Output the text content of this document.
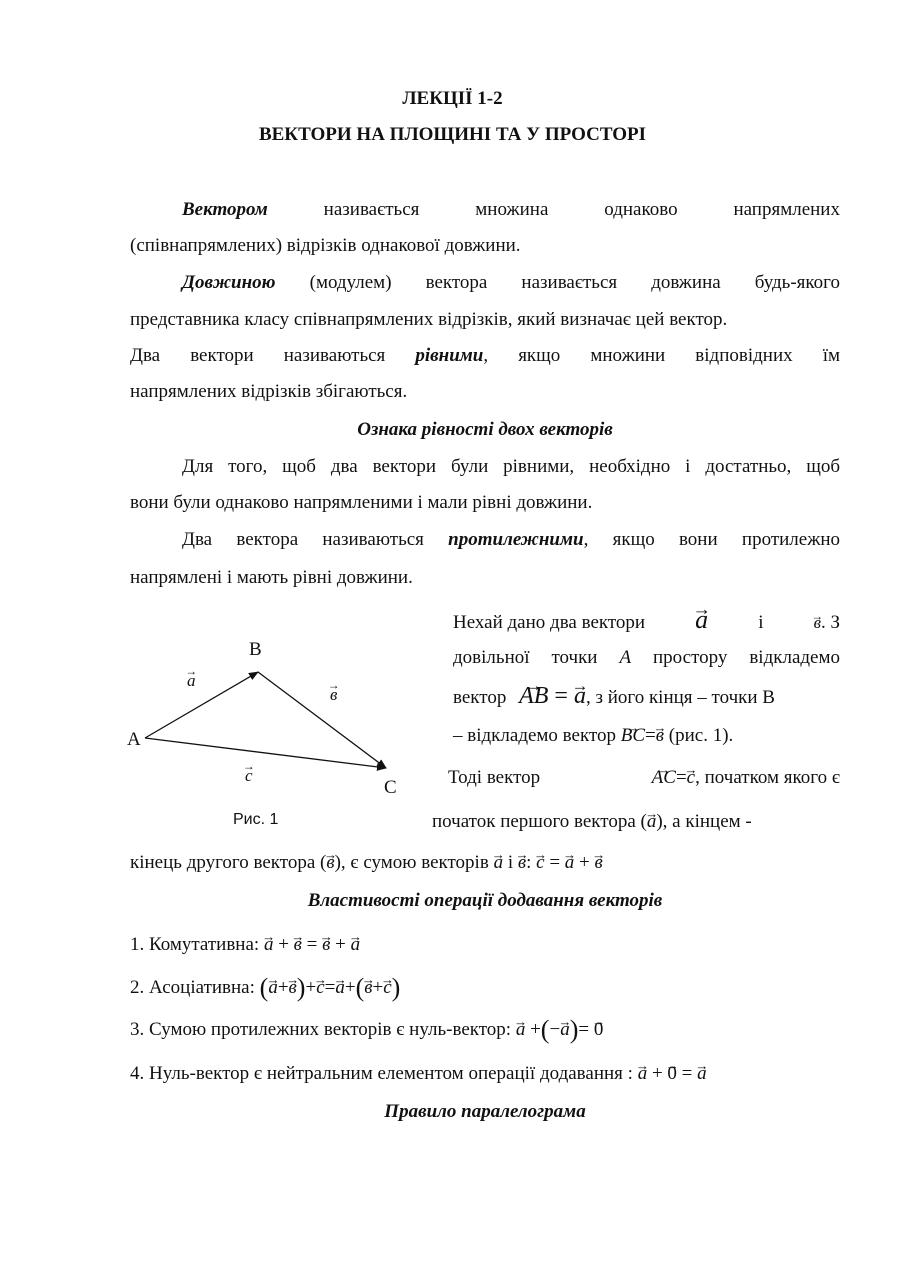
ЛЕКЦІЇ 1-2
ВЕКТОРИ НА ПЛОЩИНІ ТА У ПРОСТОРІ
Вектором	називається	множина	однаково	напрямлених
(співнапрямлених) відрізків однакової довжини.
Довжиною (модулем) вектора називається довжина будь-якого
представника класу співнапрямлених відрізків, який визначає цей вектор.
Два вектори називаються рівними, якщо множини відповідних їм
напрямлених відрізків збігаються.
Ознака рівності двох векторів
Для того, щоб два вектори були рівними, необхідно і достатньо, щоб
вони були однаково напрямленими і мали рівні довжини.
Два вектора називаються протилежними, якщо вони протилежно
напрямлені і мають рівні довжини.
A
B
C
→ a
→ в
→ c
Рис. 1
Нехай дано два вектори → a	і	→ в. З
довільної точки A простору відкладемо
вектор → AB = → a, з його кінця – точки В
– відкладемо вектор → BC=→ в (рис. 1).
Тоді вектор	→ AC=→ c, початком якого є
початок першого вектора (→ a), а кінцем -
кінець другого вектора (→ в), є сумою векторів → a і → в: → c = → a + → в
Властивості операції додавання векторів
1. Комутативна: → a + → в = → в + → a
2. Асоціативна: (→ a+→ в)+→ c=→ a+(→ в+→ c)
3. Сумою протилежних векторів є нуль-вектор: → a +(−→ a)= → 0
4. Нуль-вектор є нейтральним елементом операції додавання : → a + → 0 = → a
Правило паралелограма
